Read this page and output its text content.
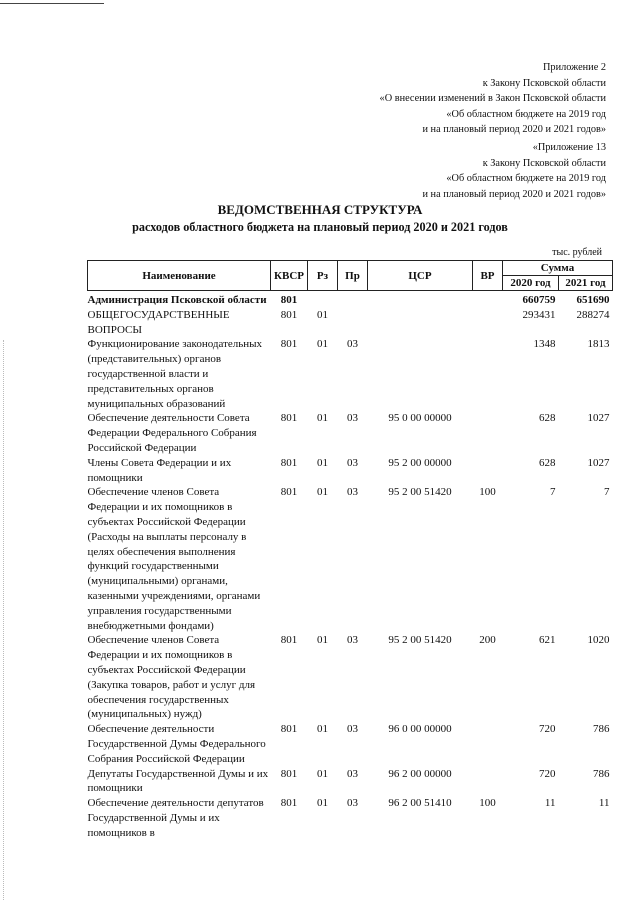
Приложение 2
к Закону Псковской области
«О внесении изменений в Закон Псковской области
«Об областном бюджете на 2019 год
и на плановый период 2020 и 2021 годов»
«Приложение 13
к Закону Псковской области
«Об областном бюджете на 2019 год
и на плановый период 2020 и 2021 годов»
ВЕДОМСТВЕННАЯ СТРУКТУРА
расходов областного бюджета на плановый период 2020 и 2021 годов
тыс. рублей
Наименование	КВСР	Рз	Пр	ЦСР	ВР	Сумма	
						2020 год	2021 год
Администрация Псковской области	801					660759	651690
ОБЩЕГОСУДАРСТВЕННЫЕ ВОПРОСЫ	801	01				293431	288274
Функционирование законодательных (представительных) органов государственной власти и представительных органов муниципальных образований	801	01	03			1348	1813
Обеспечение деятельности Совета Федерации Федерального Собрания Российской Федерации	801	01	03	95 0 00 00000		628	1027
Члены Совета Федерации и их помощники	801	01	03	95 2 00 00000		628	1027
Обеспечение членов Совета Федерации и их помощников в субъектах Российской Федерации (Расходы на выплаты персоналу в целях обеспечения выполнения функций государственными (муниципальными) органами, казенными учреждениями, органами управления государственными внебюджетными фондами)	801	01	03	95 2 00 51420	100	7	7
Обеспечение членов Совета Федерации и их помощников в субъектах Российской Федерации (Закупка товаров, работ и услуг для обеспечения государственных (муниципальных) нужд)	801	01	03	95 2 00 51420	200	621	1020
Обеспечение деятельности Государственной Думы Федерального Собрания Российской Федерации	801	01	03	96 0 00 00000		720	786
Депутаты Государственной Думы и их помощники	801	01	03	96 2 00 00000		720	786
Обеспечение деятельности депутатов Государственной Думы и их помощников в	801	01	03	96 2 00 51410	100	11	11
